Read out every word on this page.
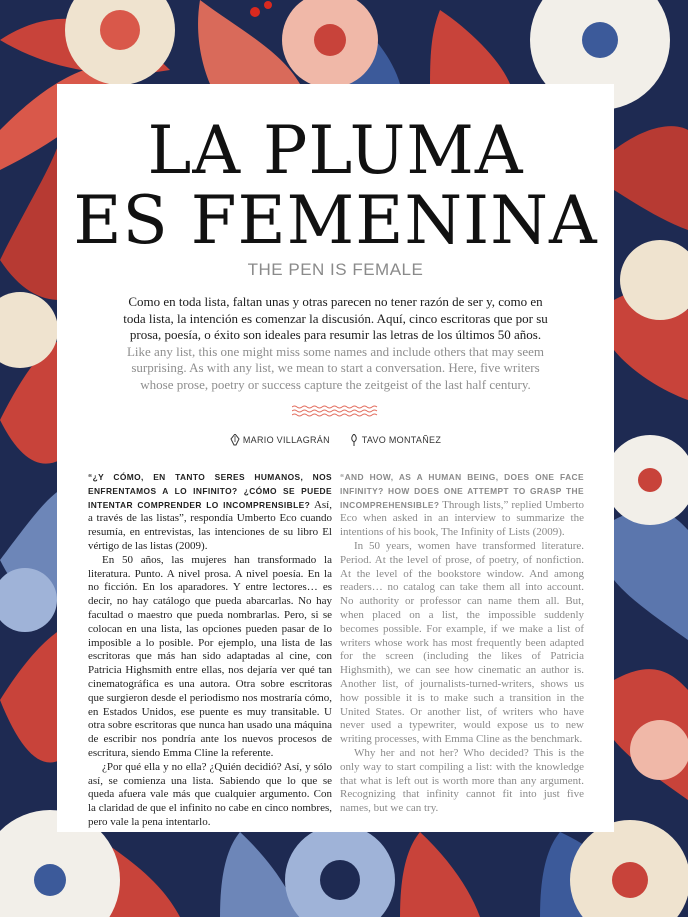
LA PLUMA
ES FEMENINA
THE PEN IS FEMALE
Como en toda lista, faltan unas y otras parecen no tener razón de ser y, como en toda lista, la intención es comenzar la discusión. Aquí, cinco escritoras que por su prosa, poesía, o éxito son ideales para resumir las letras de los últimos 50 años. Like any list, this one might miss some names and include others that may seem surprising. As with any list, we mean to start a conversation. Here, five writers whose prose, poetry or success capture the zeitgeist of the last half century.
MARIO VILLAGRÁN	TAVO MONTAÑEZ

“¿Y CÓMO, EN TANTO SERES HUMANOS, NOS ENFRENTAMOS A LO INFINITO? ¿CÓMO SE PUEDE INTENTAR COMPRENDER LO INCOMPRENSIBLE? Así, a través de las listas”, respondía Umberto Eco cuando resumía, en entrevistas, las intenciones de su libro El vértigo de las listas (2009).

En 50 años, las mujeres han transformado la literatura. Punto. A nivel prosa. A nivel poesía. En la no ficción. En los aparadores. Y entre lectores… es decir, no hay catálogo que pueda abarcarlas. No hay facultad o maestro que pueda nombrarlas. Pero, si se colocan en una lista, las opciones pueden pasar de lo imposible a lo posible. Por ejemplo, una lista de las escritoras que más han sido adaptadas al cine, con Patricia Highsmith entre ellas, nos dejaría ver qué tan cinematográfica es una autora. Otra sobre escritoras que surgieron desde el periodismo nos mostraría cómo, en Estados Unidos, ese puente es muy transitable. U otra sobre escritoras que nunca han usado una máquina de escribir nos pondría ante los nuevos procesos de escritura, siendo Emma Cline la referente.

¿Por qué ella y no ella? ¿Quién decidió? Así, y sólo así, se comienza una lista. Sabiendo que lo que se queda afuera vale más que cualquier argumento. Con la claridad de que el infinito no cabe en cinco nombres, pero vale la pena intentarlo.

“AND HOW, AS A HUMAN BEING, DOES ONE FACE INFINITY? HOW DOES ONE ATTEMPT TO GRASP THE INCOMPREHENSIBLE? Through lists,” replied Umberto Eco when asked in an interview to summarize the intentions of his book, The Infinity of Lists (2009).

In 50 years, women have transformed literature. Period. At the level of prose, of poetry, of nonfiction. At the level of the bookstore window. And among readers… no catalog can take them all into account. No authority or professor can name them all. But, when placed on a list, the impossible suddenly becomes possible. For example, if we make a list of writers whose work has most frequently been adapted for the screen (including the likes of Patricia Highsmith), we can see how cinematic an author is. Another list, of journalists-turned-writers, shows us how possible it is to make such a transition in the United States. Or another list, of writers who have never used a typewriter, would expose us to new writing processes, with Emma Cline as the benchmark.

Why her and not her? Who decided? This is the only way to start compiling a list: with the knowledge that what is left out is worth more than any argument. Recognizing that infinity cannot fit into just five names, but we can try.
